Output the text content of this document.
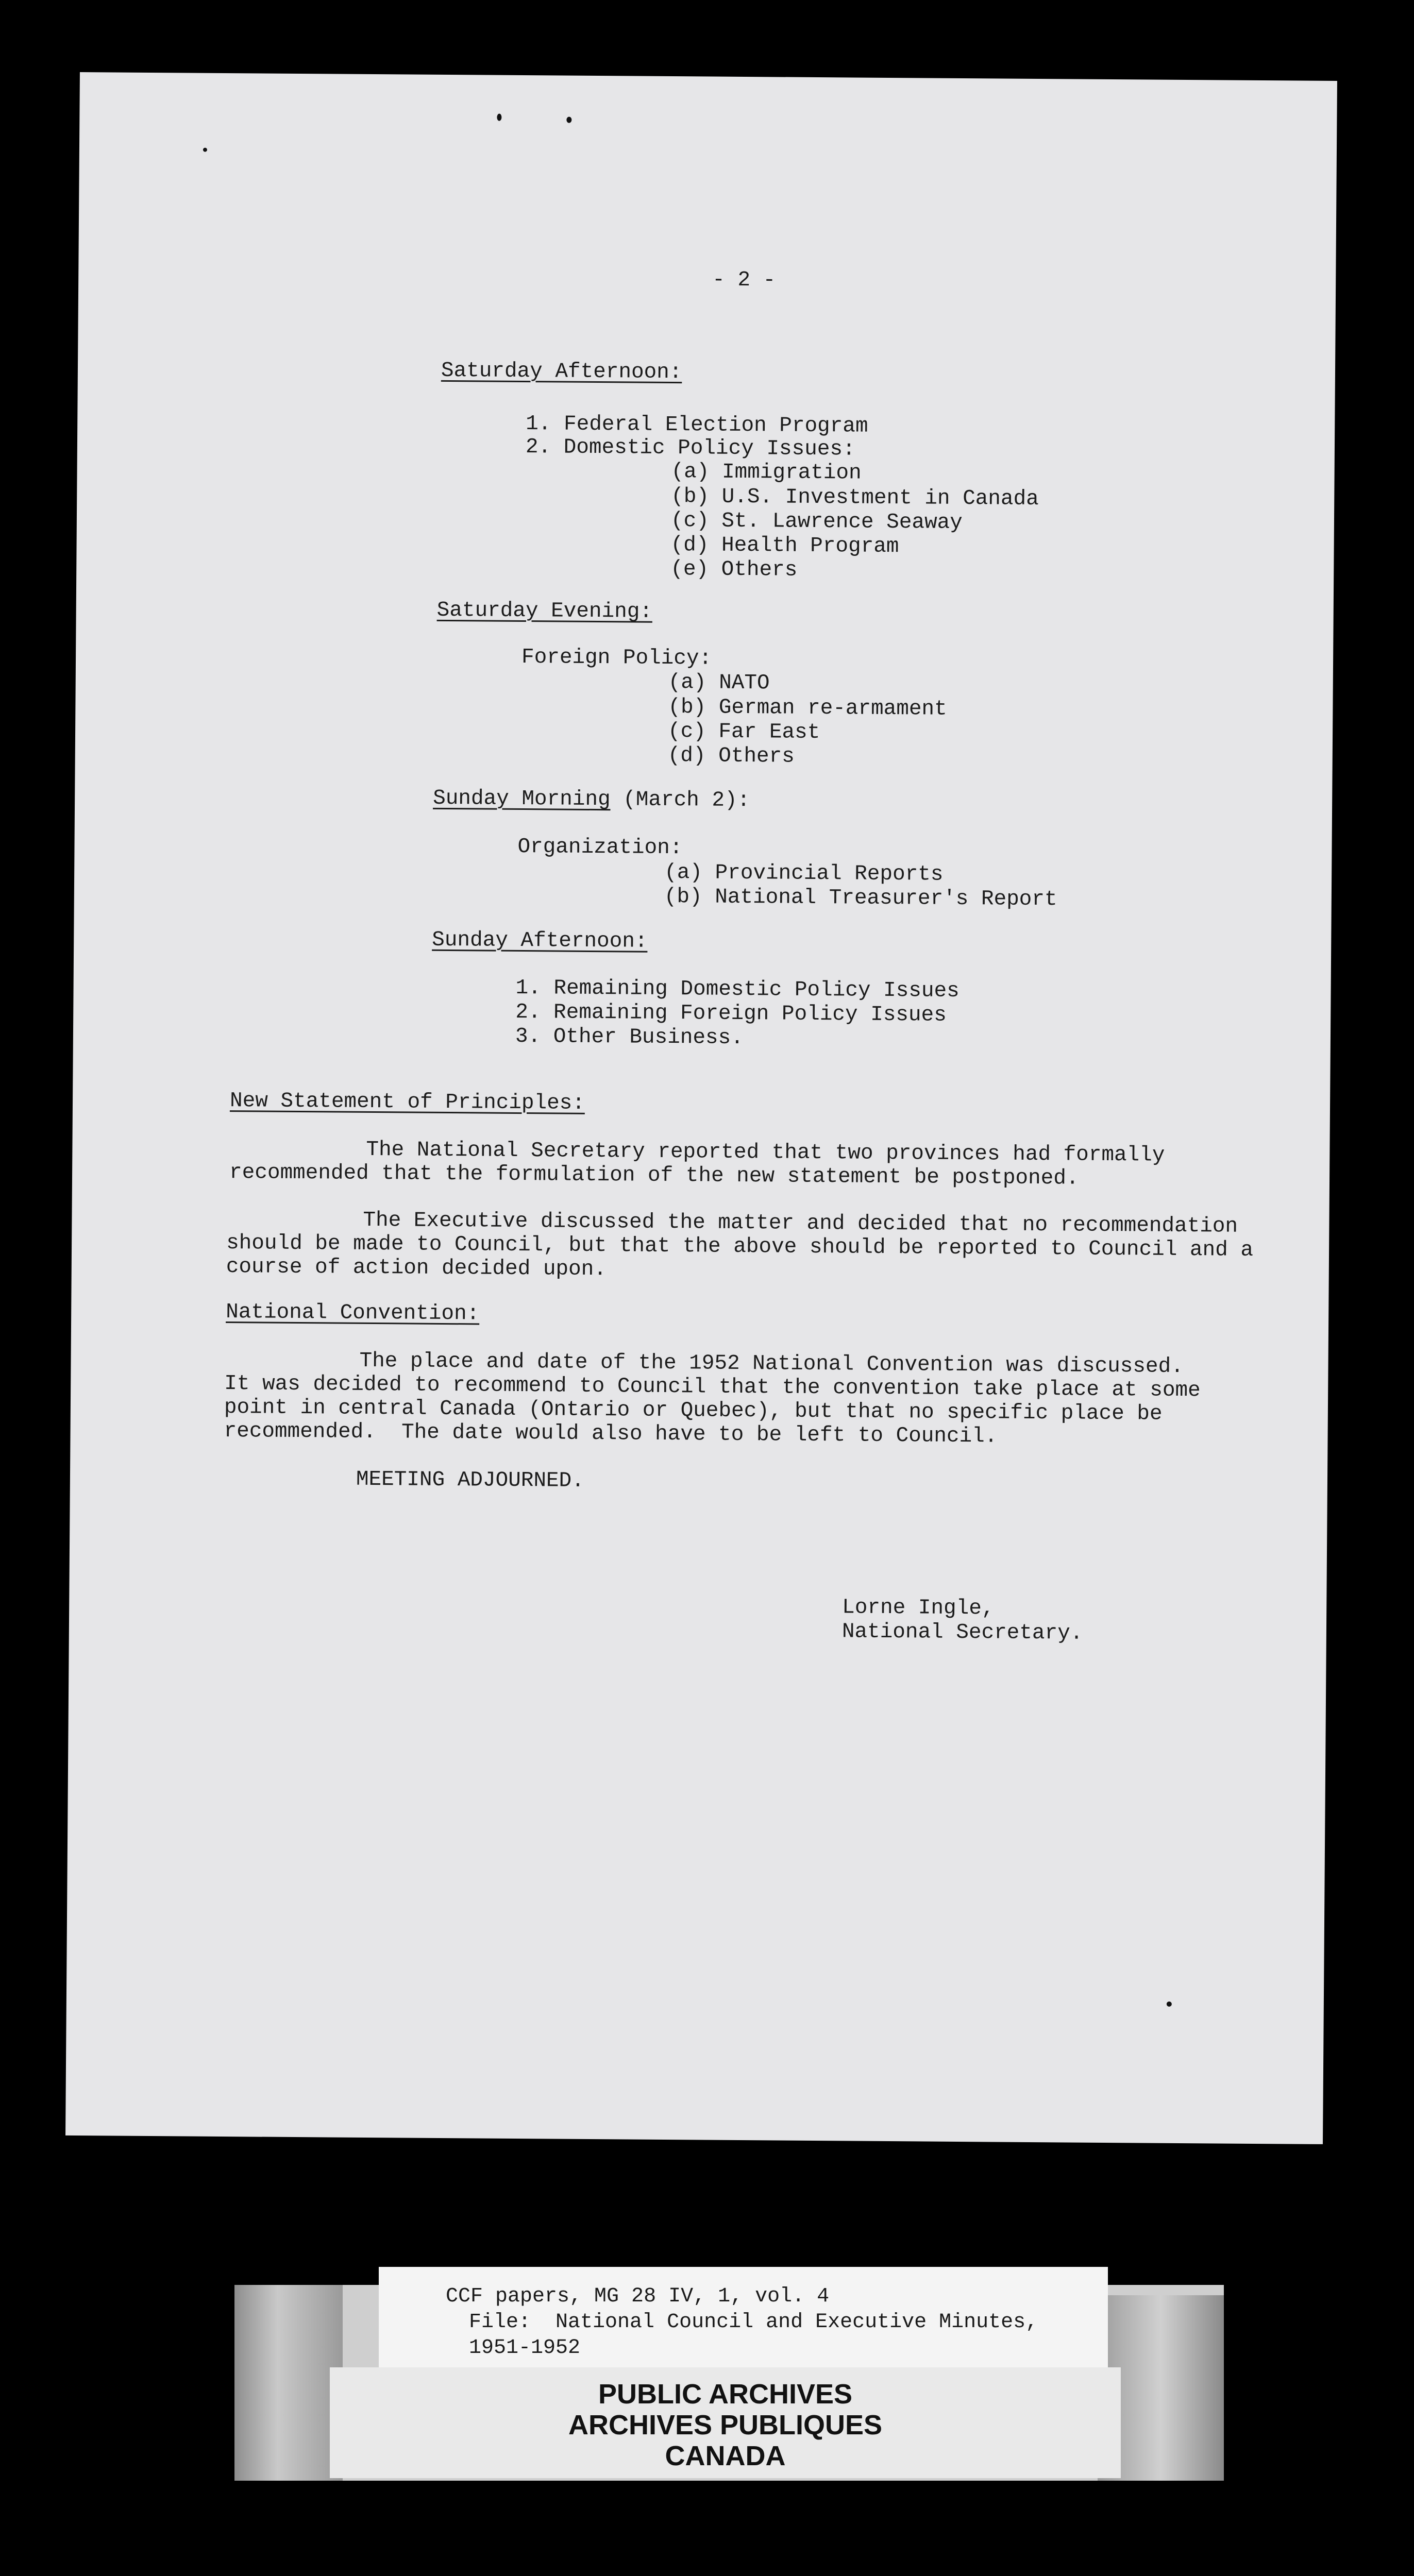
- 2 -
Saturday Afternoon:
1. Federal Election Program
2. Domestic Policy Issues:
(a) Immigration
(b) U.S. Investment in Canada
(c) St. Lawrence Seaway
(d) Health Program
(e) Others
Saturday Evening:
Foreign Policy:
(a) NATO
(b) German re-armament
(c) Far East
(d) Others
Sunday Morning (March 2):
Organization:
(a) Provincial Reports
(b) National Treasurer's Report
Sunday Afternoon:
1. Remaining Domestic Policy Issues
2. Remaining Foreign Policy Issues
3. Other Business.
New Statement of Principles:
The National Secretary reported that two provinces had formally
recommended that the formulation of the new statement be postponed.
The Executive discussed the matter and decided that no recommendation
should be made to Council, but that the above should be reported to Council and a
course of action decided upon.
National Convention:
The place and date of the 1952 National Convention was discussed.
It was decided to recommend to Council that the convention take place at some
point in central Canada (Ontario or Quebec), but that no specific place be
recommended.  The date would also have to be left to Council.
MEETING ADJOURNED.
Lorne Ingle,
National Secretary.
CCF papers, MG 28 IV, 1, vol. 4
File:  National Council and Executive Minutes,
1951-1952
PUBLIC ARCHIVES
ARCHIVES PUBLIQUES
CANADA
